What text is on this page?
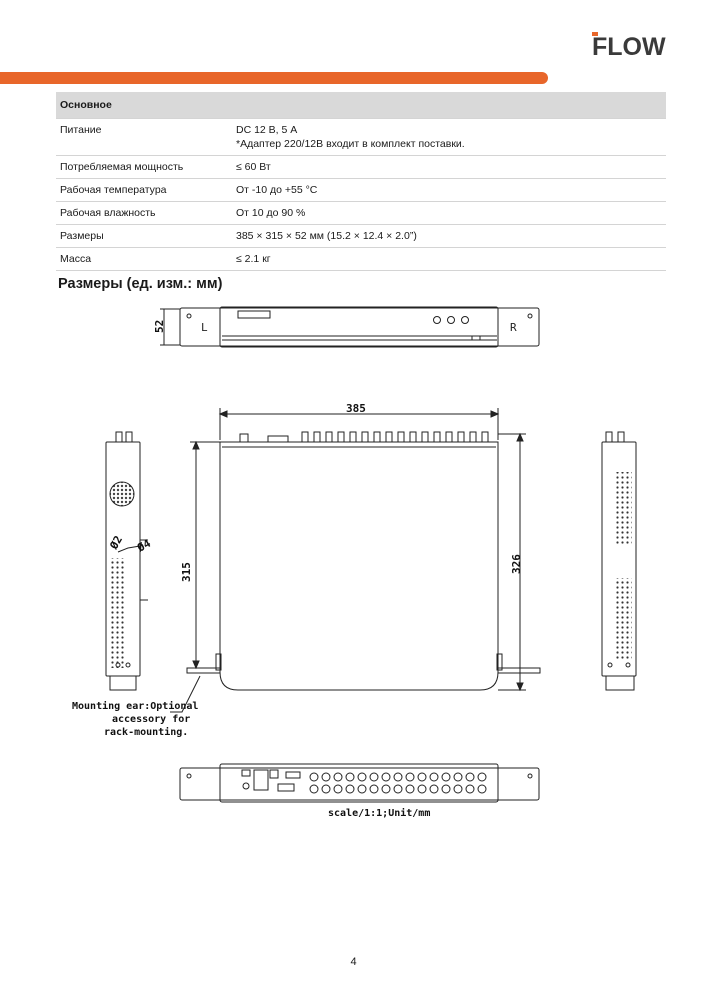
FLOW
Основное	
Питание	DC 12 В, 5 А
*Адаптер 220/12В входит в комплект поставки.

Потребляемая мощность	≤ 60 Вт
Рабочая температура	От -10 до +55 °С
Рабочая влажность	От 10 до 90 %
Размеры	385 × 315 × 52 мм (15.2 × 12.4 × 2.0”)
Масса	≤ 2.1 кг
Размеры (ед. изм.: мм)
52	L	R
385
315	326
Ø2 Ø4
Mounting ear:Optional
accessory for
rack-mounting.
scale/1:1;Unit/mm
4
